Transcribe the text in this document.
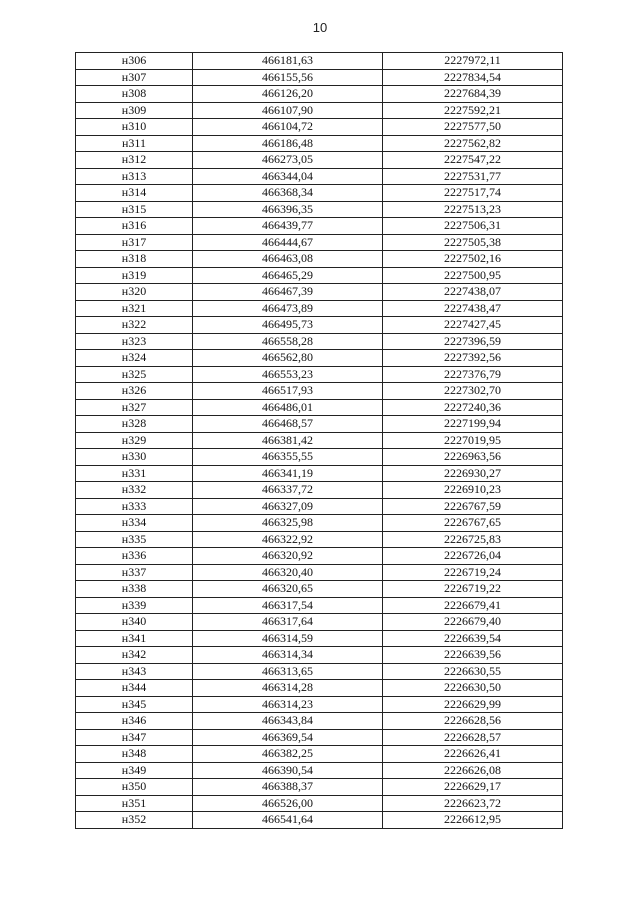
10
н306	466181,63	2227972,11
н307	466155,56	2227834,54
н308	466126,20	2227684,39
н309	466107,90	2227592,21
н310	466104,72	2227577,50
н311	466186,48	2227562,82
н312	466273,05	2227547,22
н313	466344,04	2227531,77
н314	466368,34	2227517,74
н315	466396,35	2227513,23
н316	466439,77	2227506,31
н317	466444,67	2227505,38
н318	466463,08	2227502,16
н319	466465,29	2227500,95
н320	466467,39	2227438,07
н321	466473,89	2227438,47
н322	466495,73	2227427,45
н323	466558,28	2227396,59
н324	466562,80	2227392,56
н325	466553,23	2227376,79
н326	466517,93	2227302,70
н327	466486,01	2227240,36
н328	466468,57	2227199,94
н329	466381,42	2227019,95
н330	466355,55	2226963,56
н331	466341,19	2226930,27
н332	466337,72	2226910,23
н333	466327,09	2226767,59
н334	466325,98	2226767,65
н335	466322,92	2226725,83
н336	466320,92	2226726,04
н337	466320,40	2226719,24
н338	466320,65	2226719,22
н339	466317,54	2226679,41
н340	466317,64	2226679,40
н341	466314,59	2226639,54
н342	466314,34	2226639,56
н343	466313,65	2226630,55
н344	466314,28	2226630,50
н345	466314,23	2226629,99
н346	466343,84	2226628,56
н347	466369,54	2226628,57
н348	466382,25	2226626,41
н349	466390,54	2226626,08
н350	466388,37	2226629,17
н351	466526,00	2226623,72
н352	466541,64	2226612,95
